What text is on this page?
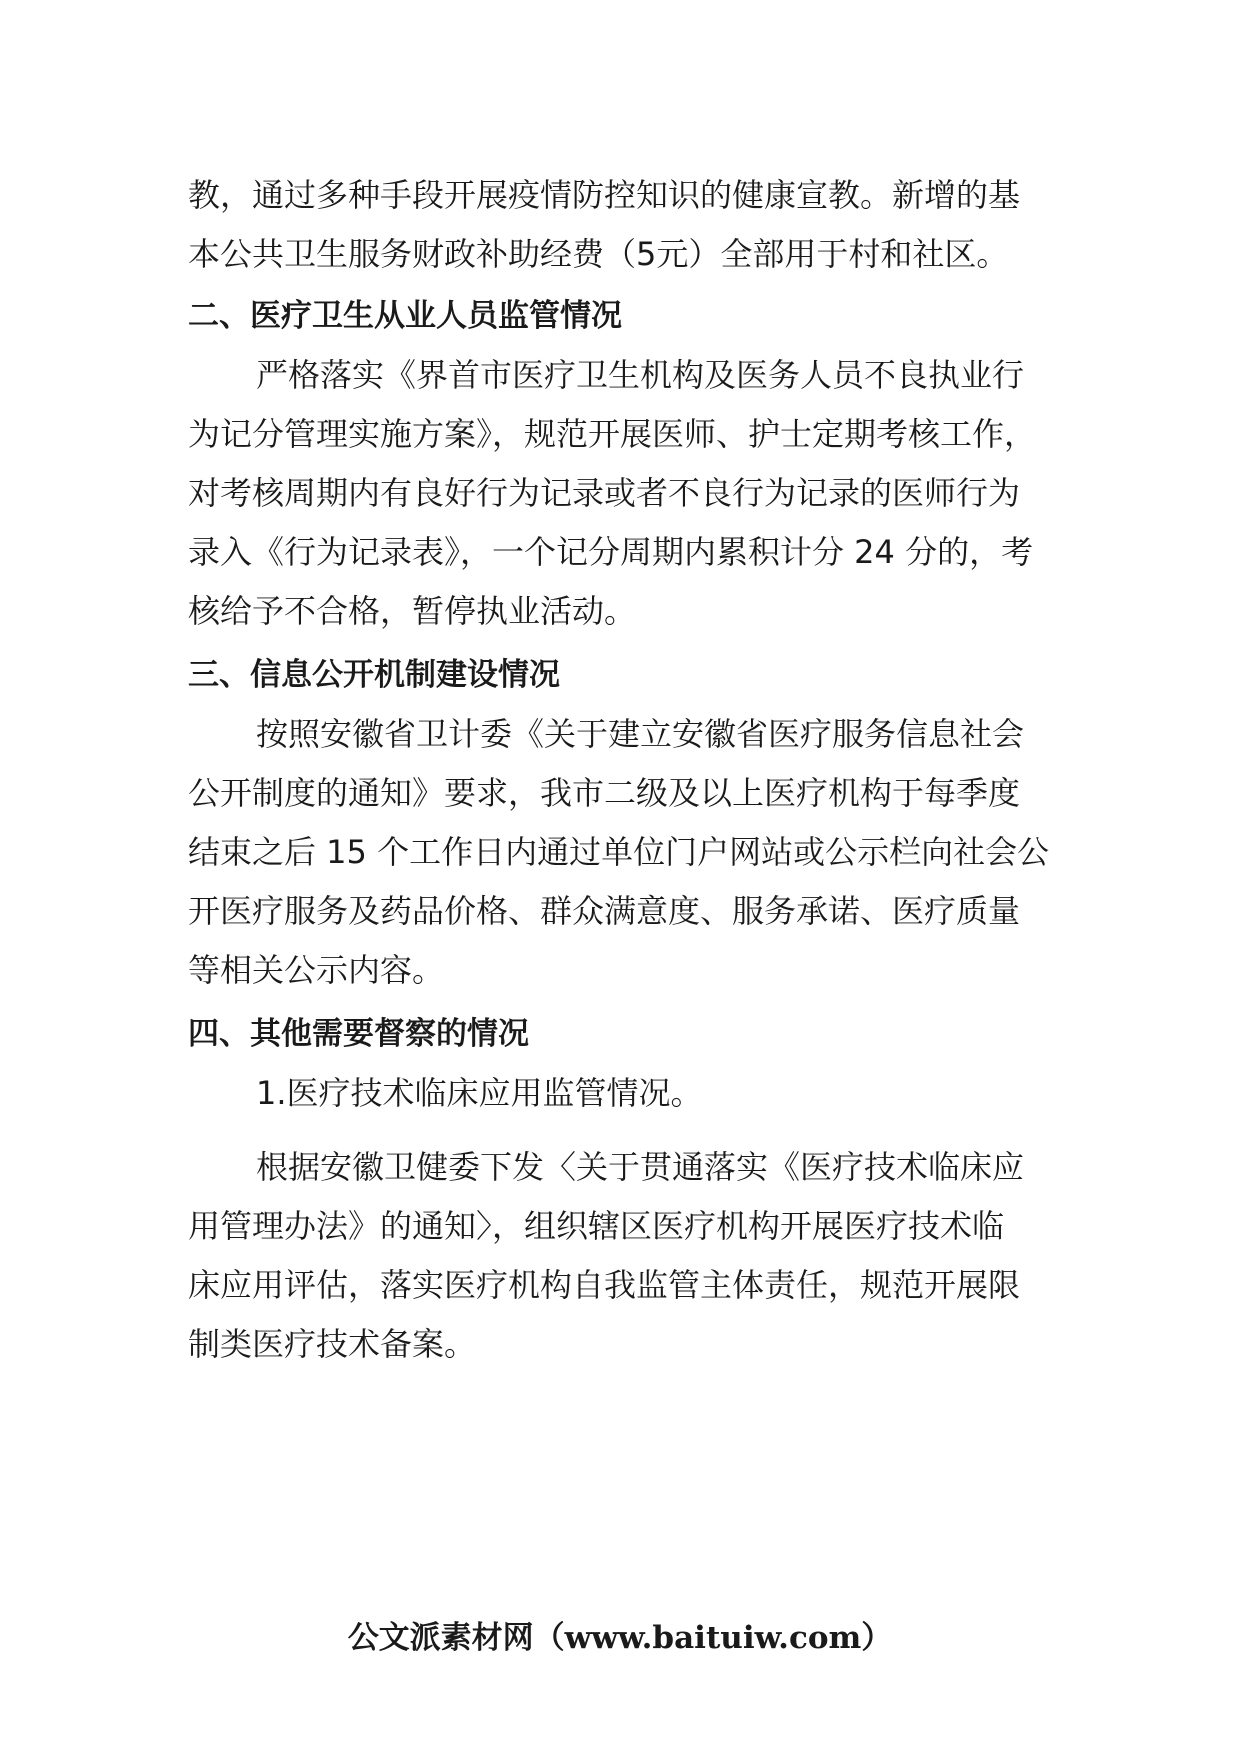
教，通过多种手段开展疫情防控知识的健康宣教。新增的基
本公共卫生服务财政补助经费（5元）全部用于村和社区。
二、医疗卫生从业人员监管情况
严格落实《界首市医疗卫生机构及医务人员不良执业行
为记分管理实施方案》，规范开展医师、护士定期考核工作，
对考核周期内有良好行为记录或者不良行为记录的医师行为
录入《行为记录表》，一个记分周期内累积计分 24 分的，考
核给予不合格，暂停执业活动。
三、信息公开机制建设情况
按照安徽省卫计委《关于建立安徽省医疗服务信息社会
公开制度的通知》要求，我市二级及以上医疗机构于每季度
结束之后 15 个工作日内通过单位门户网站或公示栏向社会公
开医疗服务及药品价格、群众满意度、服务承诺、医疗质量
等相关公示内容。
四、其他需要督察的情况
1.医疗技术临床应用监管情况。
根据安徽卫健委下发〈关于贯通落实《医疗技术临床应
用管理办法》的通知〉，组织辖区医疗机构开展医疗技术临
床应用评估，落实医疗机构自我监管主体责任，规范开展限
制类医疗技术备案。
公文派素材网（www.baituiw.com）
